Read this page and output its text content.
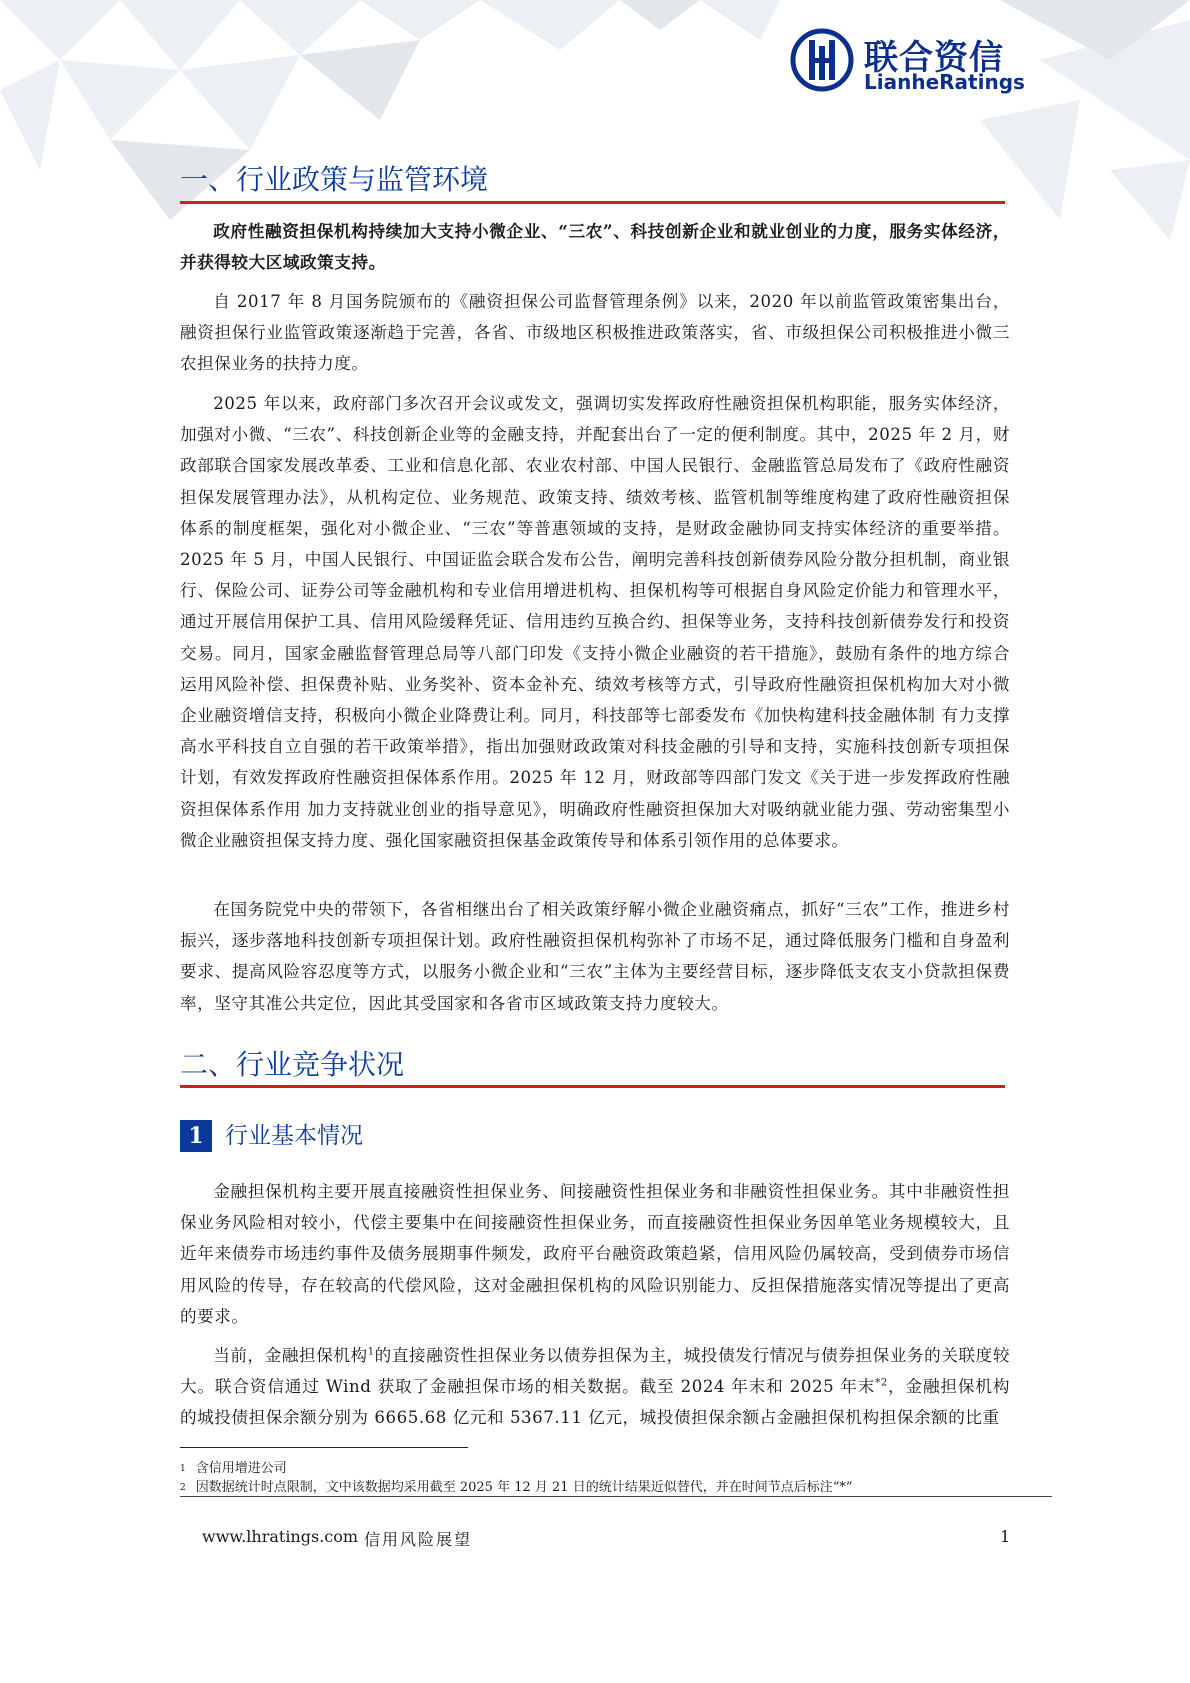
联合资信
LianheRatings
一、行业政策与监管环境

政府性融资担保机构持续加大支持小微企业、“三农”、科技创新企业和就业创业的力度，服务实体经济，并获得较大区域政策支持。

自 2017 年 8 月国务院颁布的《融资担保公司监督管理条例》以来，2020 年以前监管政策密集出台，融资担保行业监管政策逐渐趋于完善，各省、市级地区积极推进政策落实，省、市级担保公司积极推进小微三农担保业务的扶持力度。

2025 年以来，政府部门多次召开会议或发文，强调切实发挥政府性融资担保机构职能，服务实体经济，加强对小微、“三农”、科技创新企业等的金融支持，并配套出台了一定的便利制度。其中，2025 年 2 月，财政部联合国家发展改革委、工业和信息化部、农业农村部、中国人民银行、金融监管总局发布了《政府性融资担保发展管理办法》，从机构定位、业务规范、政策支持、绩效考核、监管机制等维度构建了政府性融资担保体系的制度框架，强化对小微企业、“三农”等普惠领域的支持，是财政金融协同支持实体经济的重要举措。2025 年 5 月，中国人民银行、中国证监会联合发布公告，阐明完善科技创新债券风险分散分担机制，商业银行、保险公司、证券公司等金融机构和专业信用增进机构、担保机构等可根据自身风险定价能力和管理水平，通过开展信用保护工具、信用风险缓释凭证、信用违约互换合约、担保等业务，支持科技创新债券发行和投资交易。同月，国家金融监督管理总局等八部门印发《支持小微企业融资的若干措施》，鼓励有条件的地方综合运用风险补偿、担保费补贴、业务奖补、资本金补充、绩效考核等方式，引导政府性融资担保机构加大对小微企业融资增信支持，积极向小微企业降费让利。同月，科技部等七部委发布《加快构建科技金融体制 有力支撑高水平科技自立自强的若干政策举措》，指出加强财政政策对科技金融的引导和支持，实施科技创新专项担保计划，有效发挥政府性融资担保体系作用。2025 年 12 月，财政部等四部门发文《关于进一步发挥政府性融资担保体系作用 加力支持就业创业的指导意见》，明确政府性融资担保加大对吸纳就业能力强、劳动密集型小微企业融资担保支持力度、强化国家融资担保基金政策传导和体系引领作用的总体要求。

在国务院党中央的带领下，各省相继出台了相关政策纾解小微企业融资痛点，抓好“三农”工作，推进乡村振兴，逐步落地科技创新专项担保计划。政府性融资担保机构弥补了市场不足，通过降低服务门槛和自身盈利要求、提高风险容忍度等方式，以服务小微企业和“三农”主体为主要经营目标，逐步降低支农支小贷款担保费率，坚守其准公共定位，因此其受国家和各省市区域政策支持力度较大。

二、行业竞争状况
1 行业基本情况

金融担保机构主要开展直接融资性担保业务、间接融资性担保业务和非融资性担保业务。其中非融资性担保业务风险相对较小，代偿主要集中在间接融资性担保业务，而直接融资性担保业务因单笔业务规模较大，且近年来债券市场违约事件及债务展期事件频发，政府平台融资政策趋紧，信用风险仍属较高，受到债券市场信用风险的传导，存在较高的代偿风险，这对金融担保机构的风险识别能力、反担保措施落实情况等提出了更高的要求。

当前，金融担保机构$^1$的直接融资性担保业务以债券担保为主，城投债发行情况与债券担保业务的关联度较大。联合资信通过 Wind 获取了金融担保市场的相关数据。截至 2024 年末和 2025 年末$^{*2}$，金融担保机构的城投债担保余额分别为 6665.68 亿元和 5367.11 亿元，城投债担保余额占金融担保机构担保余额的比重

$^1$ 含信用增进公司
$^2$ 因数据统计时点限制，文中该数据均采用截至 2025 年 12 月 21 日的统计结果近似替代，并在时间节点后标注“*”
www.lhratings.com 信用风险展望	1
